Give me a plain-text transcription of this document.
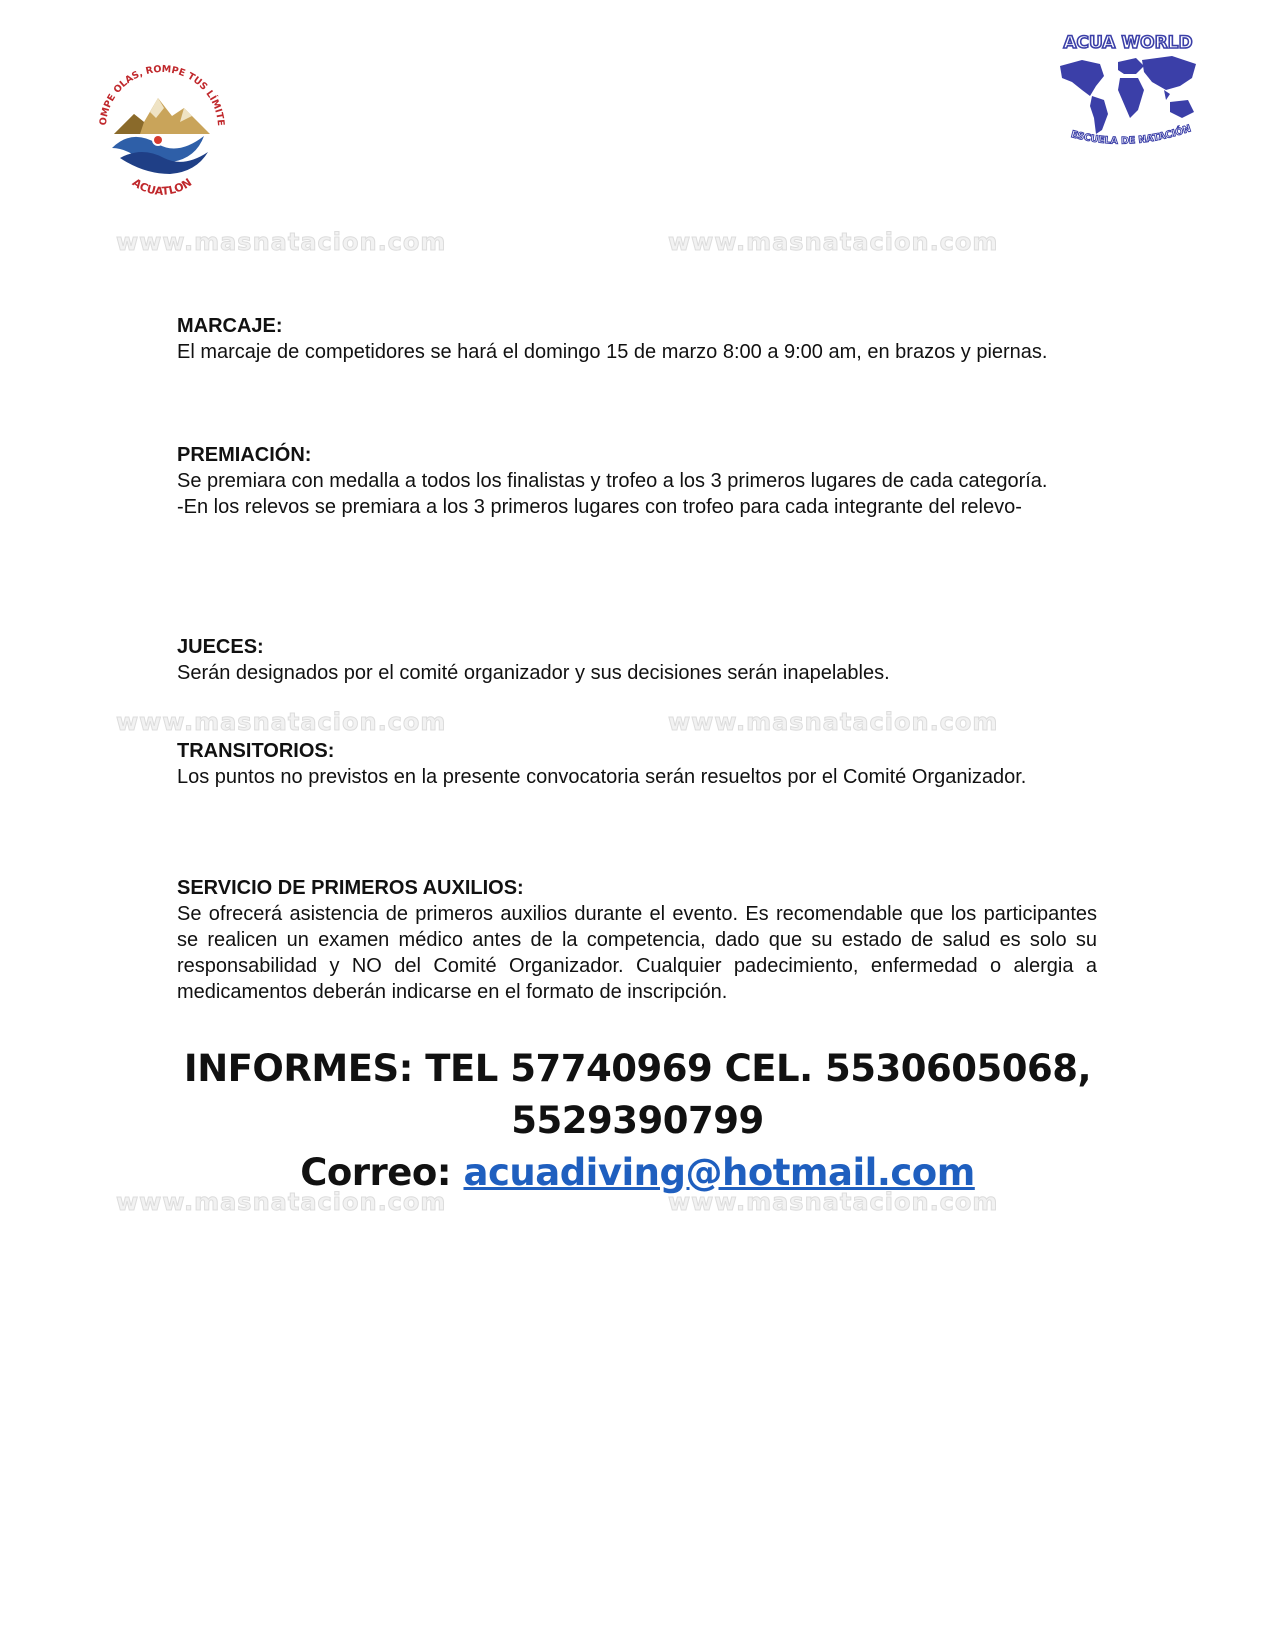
OMPE OLAS, ROMPE TUS LÍMITE
ACUATLON
ACUA WORLD
ESCUELA DE NATACIÓN
www.masnatacion.com	www.masnatacion.com
www.masnatacion.com	www.masnatacion.com
www.masnatacion.com	www.masnatacion.com
MARCAJE:
El marcaje de competidores se hará el domingo 15 de marzo 8:00 a 9:00 am, en brazos y piernas.
PREMIACIÓN:
Se premiara con medalla a todos los finalistas y trofeo a los 3 primeros lugares de cada categoría.
-En los relevos se premiara a los 3 primeros lugares con trofeo para cada integrante del relevo-
JUECES:
Serán designados por el comité organizador y sus decisiones serán inapelables.
TRANSITORIOS:
Los puntos no previstos en la presente convocatoria serán resueltos por el Comité Organizador.
SERVICIO DE PRIMEROS AUXILIOS:
Se ofrecerá asistencia de primeros auxilios durante el evento. Es recomendable que los participantes se realicen un examen médico antes de la competencia, dado que su estado de salud es solo su responsabilidad y NO del Comité Organizador. Cualquier padecimiento, enfermedad o alergia a medicamentos deberán indicarse en el formato de inscripción.
INFORMES: TEL 57740969 CEL. 5530605068,
5529390799
Correo: acuadiving@hotmail.com
